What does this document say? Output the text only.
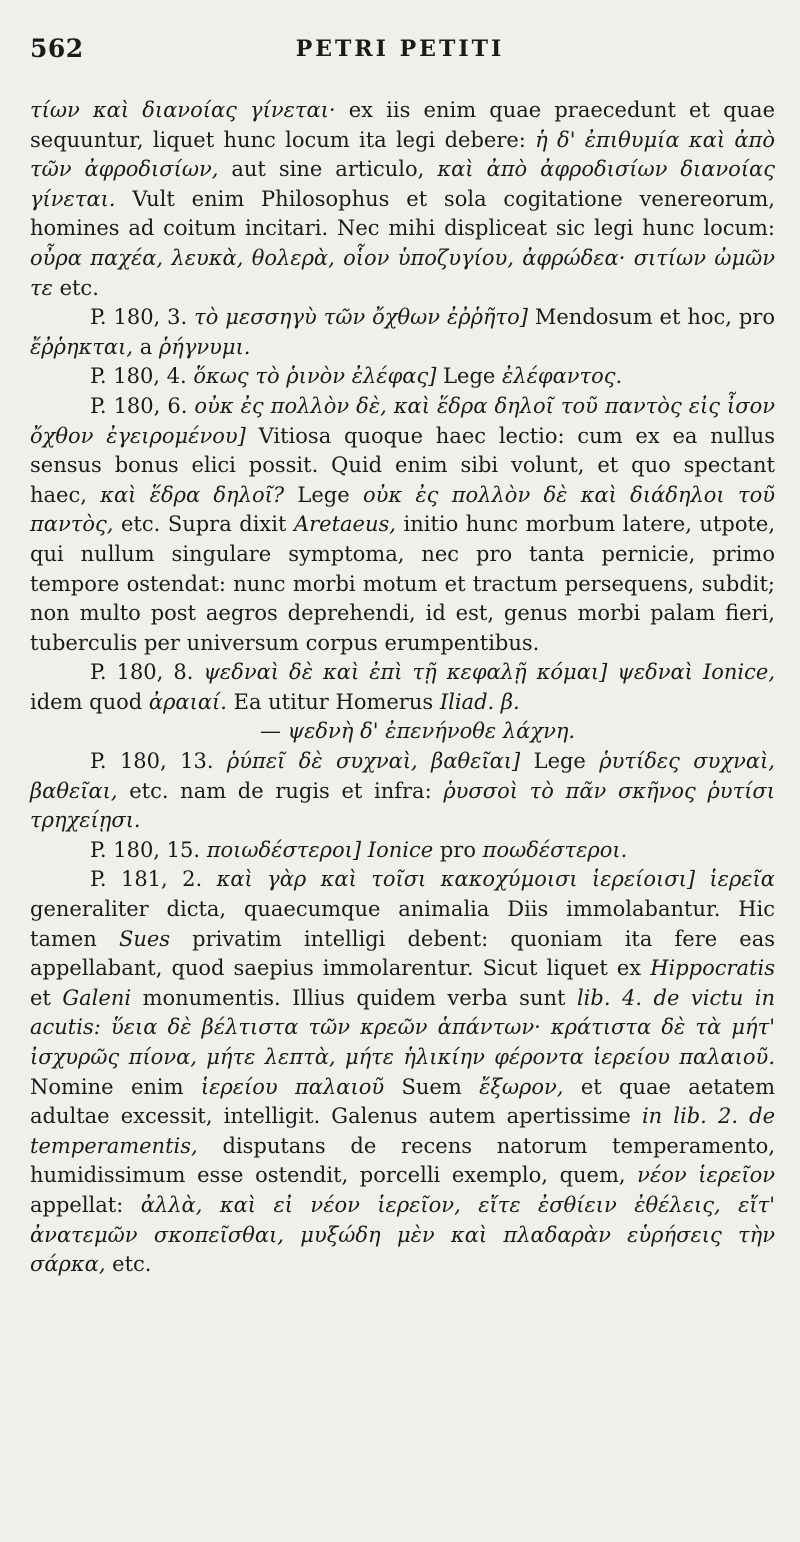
562	PETRI PETITI

τίων καὶ διανοίας γίνεται· ex iis enim quae praecedunt et quae sequuntur, liquet hunc locum ita legi debere: ἡ δ' ἐπιθυμία καὶ ἀπὸ τῶν ἀφροδισίων, aut sine articulo, καὶ ἀπὸ ἀφροδισίων διανοίας γίνεται. Vult enim Philosophus et sola cogitatione venereorum, homines ad coitum incitari. Nec mihi displiceat sic legi hunc locum: οὖρα παχέα, λευκὰ, θολερὰ, οἷον ὑποζυγίου, ἀφρώδεα· σιτίων ὠμῶν τε etc.

P. 180, 3. τὸ μεσσηγὺ τῶν ὄχθων ἐῤῥῆτο] Mendosum et hoc, pro ἔῤῥηκται, a ῥήγνυμι.

P. 180, 4. ὅκως τὸ ῥινὸν ἐλέφας] Lege ἐλέφαντος.

P. 180, 6. οὐκ ἐς πολλὸν δὲ, καὶ ἕδρα δηλοῖ τοῦ παντὸς εἰς ἶσον ὄχθον ἐγειρομένου] Vitiosa quoque haec lectio: cum ex ea nullus sensus bonus elici possit. Quid enim sibi volunt, et quo spectant haec, καὶ ἕδρα δηλοῖ? Lege οὐκ ἐς πολλὸν δὲ καὶ διάδηλοι τοῦ παντὸς, etc. Supra dixit Aretaeus, initio hunc morbum latere, utpote, qui nullum singulare symptoma, nec pro tanta pernicie, primo tempore ostendat: nunc morbi motum et tractum persequens, subdit; non multo post aegros deprehendi, id est, genus morbi palam fieri, tuberculis per universum corpus erumpentibus.

P. 180, 8. ψεδναὶ δὲ καὶ ἐπὶ τῇ κεφαλῇ κόμαι] ψεδναὶ Ionice, idem quod ἀραιαί. Ea utitur Homerus Iliad. β.
— ψεδνὴ δ' ἐπενήνοθε λάχνη.

P. 180, 13. ῥύπεῖ δὲ συχναὶ, βαθεῖαι] Lege ῥυτίδες συχναὶ, βαθεῖαι, etc. nam de rugis et infra: ῥυσσοὶ τὸ πᾶν σκῆνος ῥυτίσι τρηχείῃσι.

P. 180, 15. ποιωδέστεροι] Ionice pro ποωδέστεροι.

P. 181, 2. καὶ γὰρ καὶ τοῖσι κακοχύμοισι ἱερείοισι] ἱερεῖα generaliter dicta, quaecumque animalia Diis immolabantur. Hic tamen Sues privatim intelligi debent: quoniam ita fere eas appellabant, quod saepius immolarentur. Sicut liquet ex Hippocratis et Galeni monumentis. Illius quidem verba sunt lib. 4. de victu in acutis: ὕεια δὲ βέλτιστα τῶν κρεῶν ἁπάντων· κράτιστα δὲ τὰ μήτ' ἰσχυρῶς πίονα, μήτε λεπτὰ, μήτε ἡλικίην φέροντα ἱερείου παλαιοῦ. Nomine enim ἱερείου παλαιοῦ Suem ἔξωρον, et quae aetatem adultae excessit, intelligit. Galenus autem apertissime in lib. 2. de temperamentis, disputans de recens natorum temperamento, humidissimum esse ostendit, porcelli exemplo, quem, νέον ἱερεῖον appellat: ἀλλὰ, καὶ εἰ νέον ἱερεῖον, εἴτε ἐσθίειν ἐθέλεις, εἴτ' ἀνατεμῶν σκοπεῖσθαι, μυξώδη μὲν καὶ πλαδαρὰν εὑρήσεις τὴν σάρκα, etc.
